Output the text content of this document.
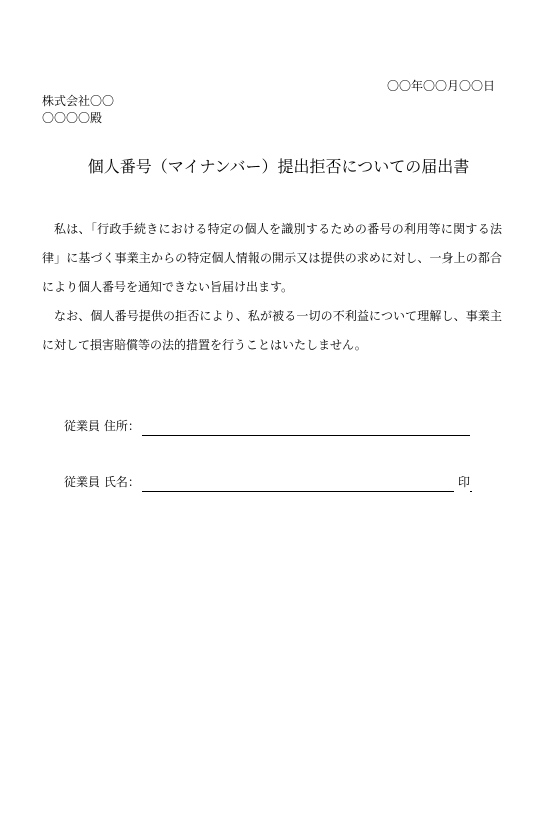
〇〇年〇〇月〇〇日
株式会社〇〇
〇〇〇〇殿
個人番号（マイナンバー）提出拒否についての届出書

私は、「行政手続きにおける特定の個人を識別するための番号の利用等に関する法律」に基づく事業主からの特定個人情報の開示又は提供の求めに対し、一身上の都合により個人番号を通知できない旨届け出ます。

なお、個人番号提供の拒否により、私が被る一切の不利益について理解し、事業主に対して損害賠償等の法的措置を行うことはいたしません。

従業員 住所：
従業員 氏名：	印
